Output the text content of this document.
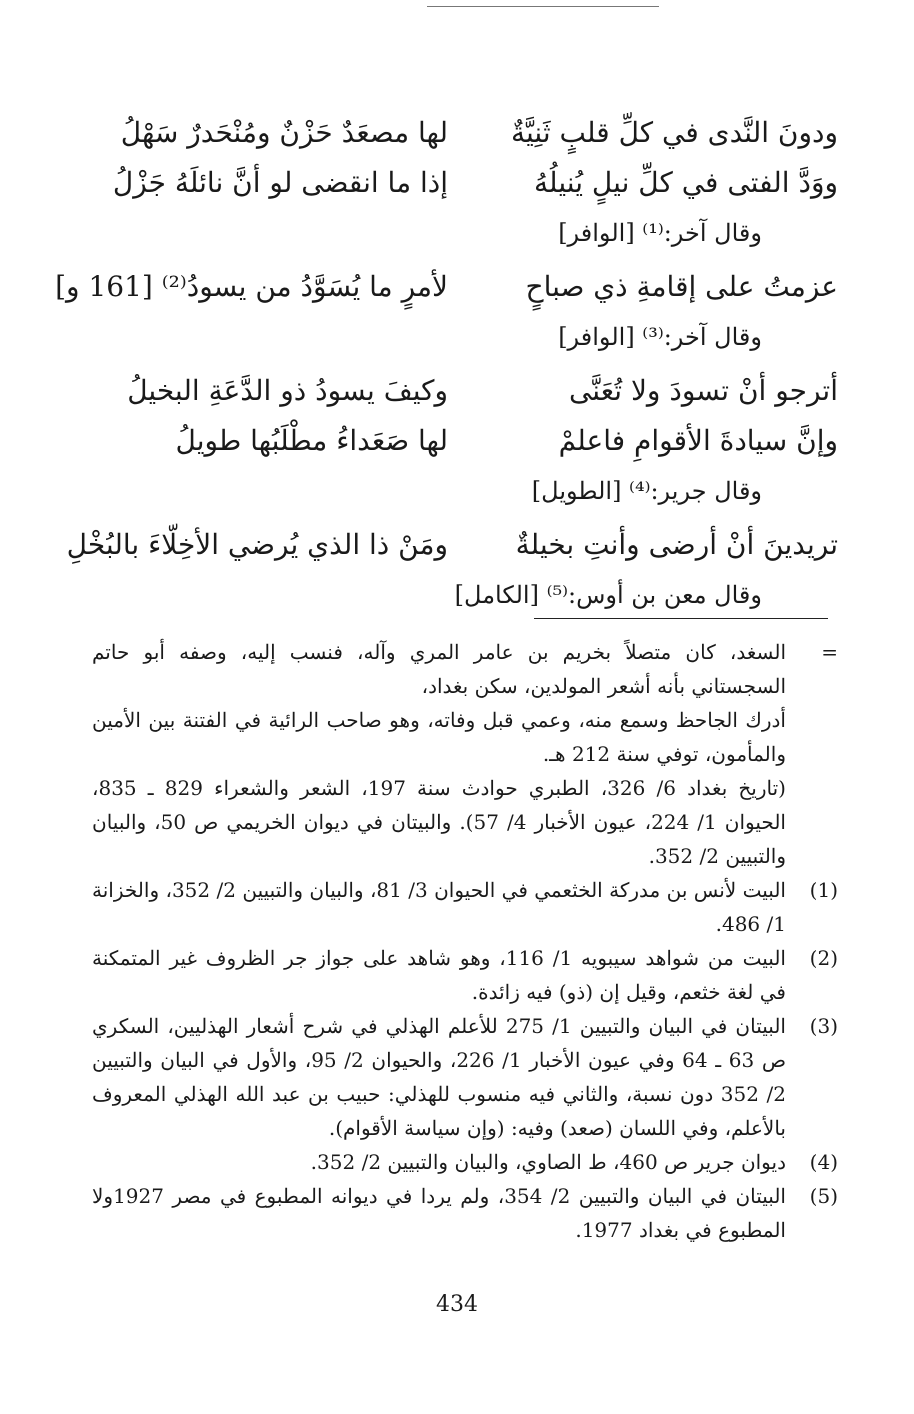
ودونَ النَّدى في كلِّ قلبٍ ثَنِيَّةٌ
لها مصعَدٌ حَزْنٌ ومُنْحَدرٌ سَهْلُ
ووَدَّ الفتى في كلِّ نيلٍ يُنيلُهُ
إذا ما انقضى لو أنَّ نائلَهُ جَزْلُ
وقال آخر:⁽¹⁾ [الوافر]
عزمتُ على إقامةِ ذي صباحٍ
لأمرٍ ما يُسَوَّدُ من يسودُ⁽²⁾ [161 و]
وقال آخر:⁽³⁾ [الوافر]
أترجو أنْ تسودَ ولا تُعَنَّى
وكيفَ يسودُ ذو الدَّعَةِ البخيلُ
وإنَّ سيادةَ الأقوامِ فاعلمْ
لها صَعَداءُ مطْلَبُها طويلُ
وقال جرير:⁽⁴⁾ [الطويل]
تريدينَ أنْ أرضى وأنتِ بخيلةٌ
ومَنْ ذا الذي يُرضي الأخِلّاءَ بالبُخْلِ
وقال معن بن أوس:⁽⁵⁾ [الكامل]
=

السغد، كان متصلاً بخريم بن عامر المري وآله، فنسب إليه، وصفه أبو حاتم السجستاني بأنه أشعر المولدين، سكن بغداد،

أدرك الجاحظ وسمع منه، وعمي قبل وفاته، وهو صاحب الرائية في الفتنة بين الأمين والمأمون، توفي سنة 212 هـ.

(تاريخ بغداد 6/ 326، الطبري حوادث سنة 197، الشعر والشعراء 829 ـ 835، الحيوان 1/ 224، عيون الأخبار 4/ 57). والبيتان في ديوان الخريمي ص 50، والبيان والتبيين 2/ 352.

(1)
البيت لأنس بن مدركة الخثعمي في الحيوان 3/ 81، والبيان والتبيين 2/ 352، والخزانة 1/ 486.
(2)
البيت من شواهد سيبويه 1/ 116، وهو شاهد على جواز جر الظروف غير المتمكنة في لغة خثعم، وقيل إن (ذو) فيه زائدة.
(3)
البيتان في البيان والتبيين 1/ 275 للأعلم الهذلي في شرح أشعار الهذليين، السكري ص 63 ـ 64 وفي عيون الأخبار 1/ 226، والحيوان 2/ 95، والأول في البيان والتبيين 2/ 352 دون نسبة، والثاني فيه منسوب للهذلي: حبيب بن عبد الله الهذلي المعروف بالأعلم، وفي اللسان (صعد) وفيه: (وإن سياسة الأقوام).
(4)
ديوان جرير ص 460، ط الصاوي، والبيان والتبيين 2/ 352.
(5)
البيتان في البيان والتبيين 2/ 354، ولم يردا في ديوانه المطبوع في مصر 1927ولا المطبوع في بغداد 1977.
434
